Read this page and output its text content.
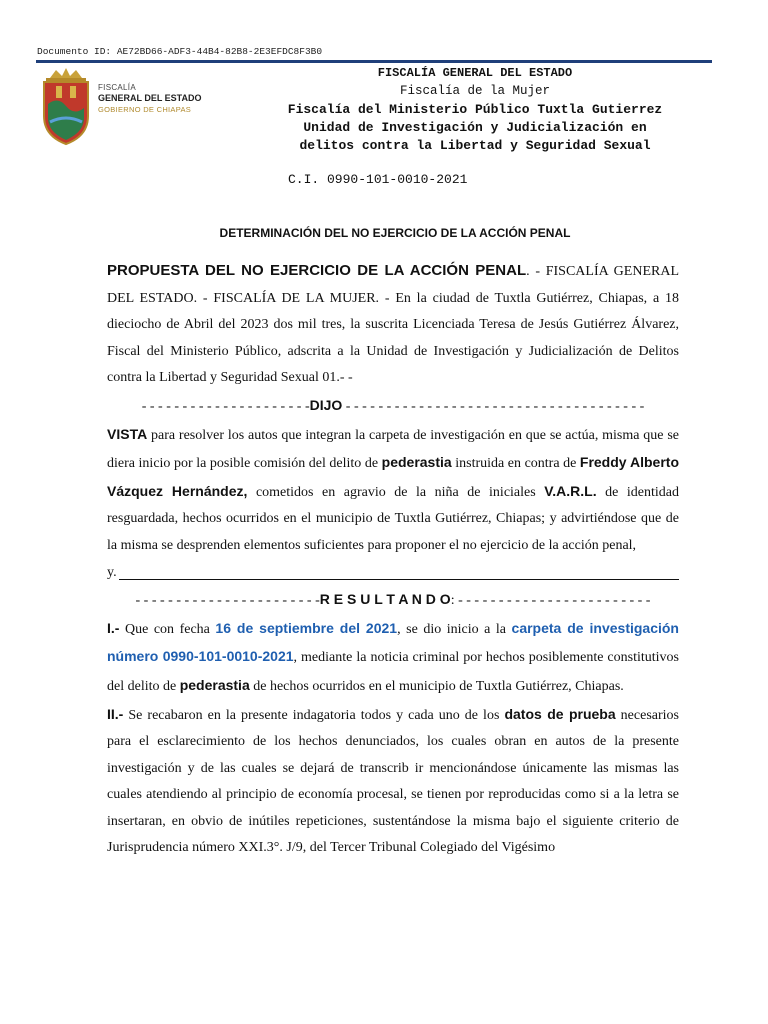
Documento ID: AE72BD66-ADF3-44B4-82B8-2E3EFDC8F3B0
FISCALÍA
GENERAL DEL ESTADO
GOBIERNO DE CHIAPAS
FISCALÍA GENERAL DEL ESTADO
Fiscalía de la Mujer
Fiscalía del Ministerio Público Tuxtla Gutierrez
Unidad de Investigación y Judicialización en
delitos contra la Libertad y Seguridad Sexual
C.I. 0990-101-0010-2021
DETERMINACIÓN DEL NO EJERCICIO DE LA ACCIÓN PENAL

PROPUESTA DEL NO EJERCICIO DE LA ACCIÓN PENAL. - FISCALÍA GENERAL DEL ESTADO. - FISCALÍA DE LA MUJER. - En la ciudad de Tuxtla Gutiérrez, Chiapas, a 18 dieciocho de Abril del 2023 dos mil tres, la suscrita Licenciada Teresa de Jesús Gutiérrez Álvarez, Fiscal del Ministerio Público, adscrita a la Unidad de Investigación y Judicialización de Delitos contra la Libertad y Seguridad Sexual 01.- -

- - - - - - - - - - - - - - - - - - - - -DIJO - - - - - - - - - - - - - - - - - - - - - - - - - - - - - - - - - - - - -

VISTA para resolver los autos que integran la carpeta de investigación en que se actúa, misma que se diera inicio por la posible comisión del delito de pederastia instruida en contra de Freddy Alberto Vázquez Hernández, cometidos en agravio de la niña de iniciales V.A.R.L. de identidad resguardada, hechos ocurridos en el municipio de Tuxtla Gutiérrez, Chiapas; y advirtiéndose que de la misma se desprenden elementos suficientes para proponer el no ejercicio de la acción penal,

y.
- - - - - - - - - - - - - - - - - - - - - - -R E S U L T A N D O: - - - - - - - - - - - - - - - - - - - - - - - -

I.- Que con fecha 16 de septiembre del 2021, se dio inicio a la carpeta de investigación número 0990-101-0010-2021, mediante la noticia criminal por hechos posiblemente constitutivos del delito de pederastia de hechos ocurridos en el municipio de Tuxtla Gutiérrez, Chiapas.

II.- Se recabaron en la presente indagatoria todos y cada uno de los datos de prueba necesarios para el esclarecimiento de los hechos denunciados, los cuales obran en autos de la presente investigación y de las cuales se dejará de transcrib ir mencionándose únicamente las mismas las cuales atendiendo al principio de economía procesal, se tienen por reproducidas como si a la letra se insertaran, en obvio de inútiles repeticiones, sustentándose la misma bajo el siguiente criterio de Jurisprudencia número XXI.3°. J/9, del Tercer Tribunal Colegiado del Vigésimo
